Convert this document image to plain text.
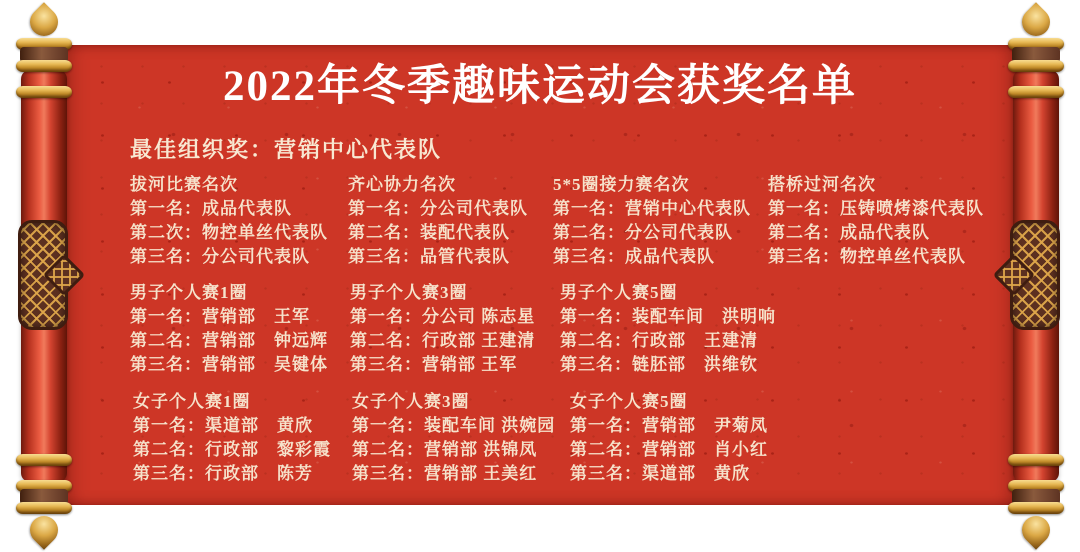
2022年冬季趣味运动会获奖名单

最佳组织奖：营销中心代表队

拔河比赛名次

第一名：成品代表队

第二次：物控单丝代表队

第三名：分公司代表队

齐心协力名次

第一名：分公司代表队

第二名：装配代表队

第三名：品管代表队

5*5圈接力赛名次

第一名：营销中心代表队

第二名：分公司代表队

第三名：成品代表队

搭桥过河名次

第一名：压铸喷烤漆代表队

第二名：成品代表队

第三名：物控单丝代表队

男子个人赛1圈

第一名：营销部　王军

第二名：营销部　钟远辉

第三名：营销部　吴键体

男子个人赛3圈

第一名：分公司 陈志星

第二名：行政部 王建清

第三名：营销部 王军

男子个人赛5圈

第一名：装配车间　洪明响

第二名：行政部　王建清

第三名：链胚部　洪维钦

女子个人赛1圈

第一名：渠道部　黄欣

第二名：行政部　黎彩霞

第三名：行政部　陈芳

女子个人赛3圈

第一名：装配车间 洪婉园

第二名：营销部 洪锦凤

第三名：营销部 王美红

女子个人赛5圈

第一名：营销部　尹菊凤

第二名：营销部　肖小红

第三名：渠道部　黄欣
